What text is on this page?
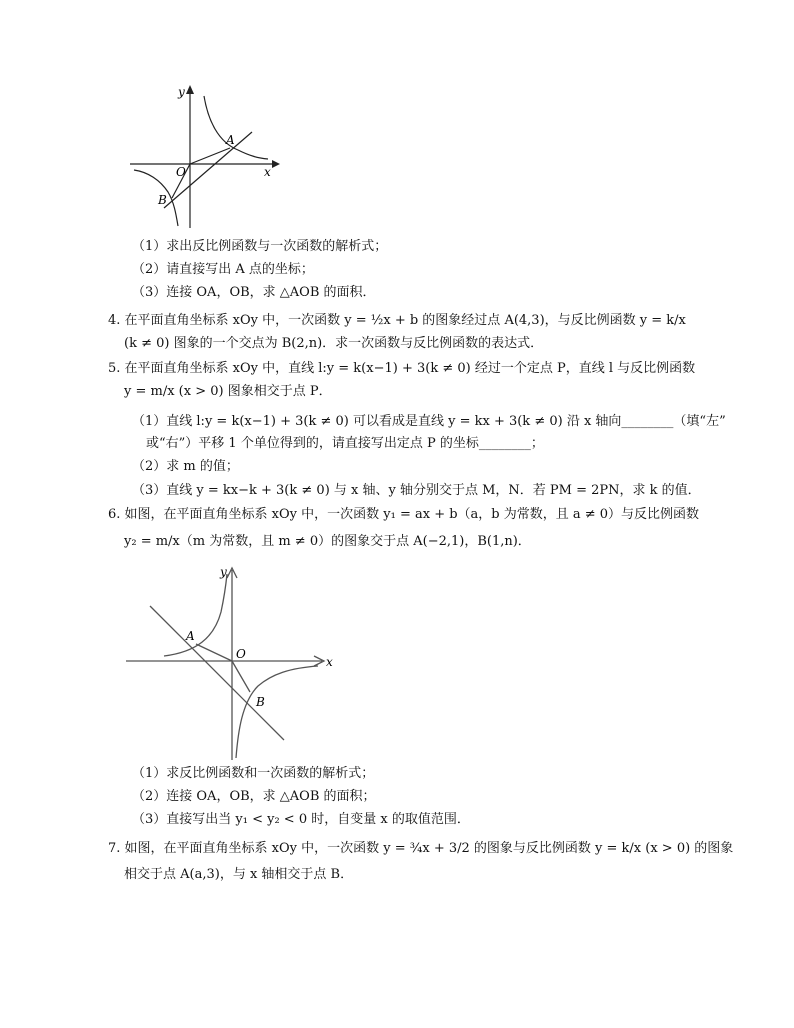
y
x
O
A
B
（1）求出反比例函数与一次函数的解析式；
（2）请直接写出 A 点的坐标；
（3）连接 OA，OB，求 △AOB 的面积．
4. 在平面直角坐标系 xOy 中，一次函数 y = ½x + b 的图象经过点 A(4,3)，与反比例函数 y = k/x
(k ≠ 0) 图象的一个交点为 B(2,n)．求一次函数与反比例函数的表达式．
5. 在平面直角坐标系 xOy 中，直线 l:y = k(x−1) + 3(k ≠ 0) 经过一个定点 P，直线 l 与反比例函数
y = m/x (x > 0) 图象相交于点 P．
（1）直线 l:y = k(x−1) + 3(k ≠ 0) 可以看成是直线 y = kx + 3(k ≠ 0) 沿 x 轴向________（填“左”
或“右”）平移 1 个单位得到的，请直接写出定点 P 的坐标________；
（2）求 m 的值；
（3）直线 y = kx−k + 3(k ≠ 0) 与 x 轴、y 轴分别交于点 M，N．若 PM = 2PN，求 k 的值．
6. 如图，在平面直角坐标系 xOy 中，一次函数 y₁ = ax + b（a，b 为常数，且 a ≠ 0）与反比例函数
y₂ = m/x（m 为常数，且 m ≠ 0）的图象交于点 A(−2,1)，B(1,n)．
y
x
O
A
B
（1）求反比例函数和一次函数的解析式；
（2）连接 OA，OB，求 △AOB 的面积；
（3）直接写出当 y₁ < y₂ < 0 时，自变量 x 的取值范围．
7. 如图，在平面直角坐标系 xOy 中，一次函数 y = ¾x + 3/2 的图象与反比例函数 y = k/x (x > 0) 的图象
相交于点 A(a,3)，与 x 轴相交于点 B．
